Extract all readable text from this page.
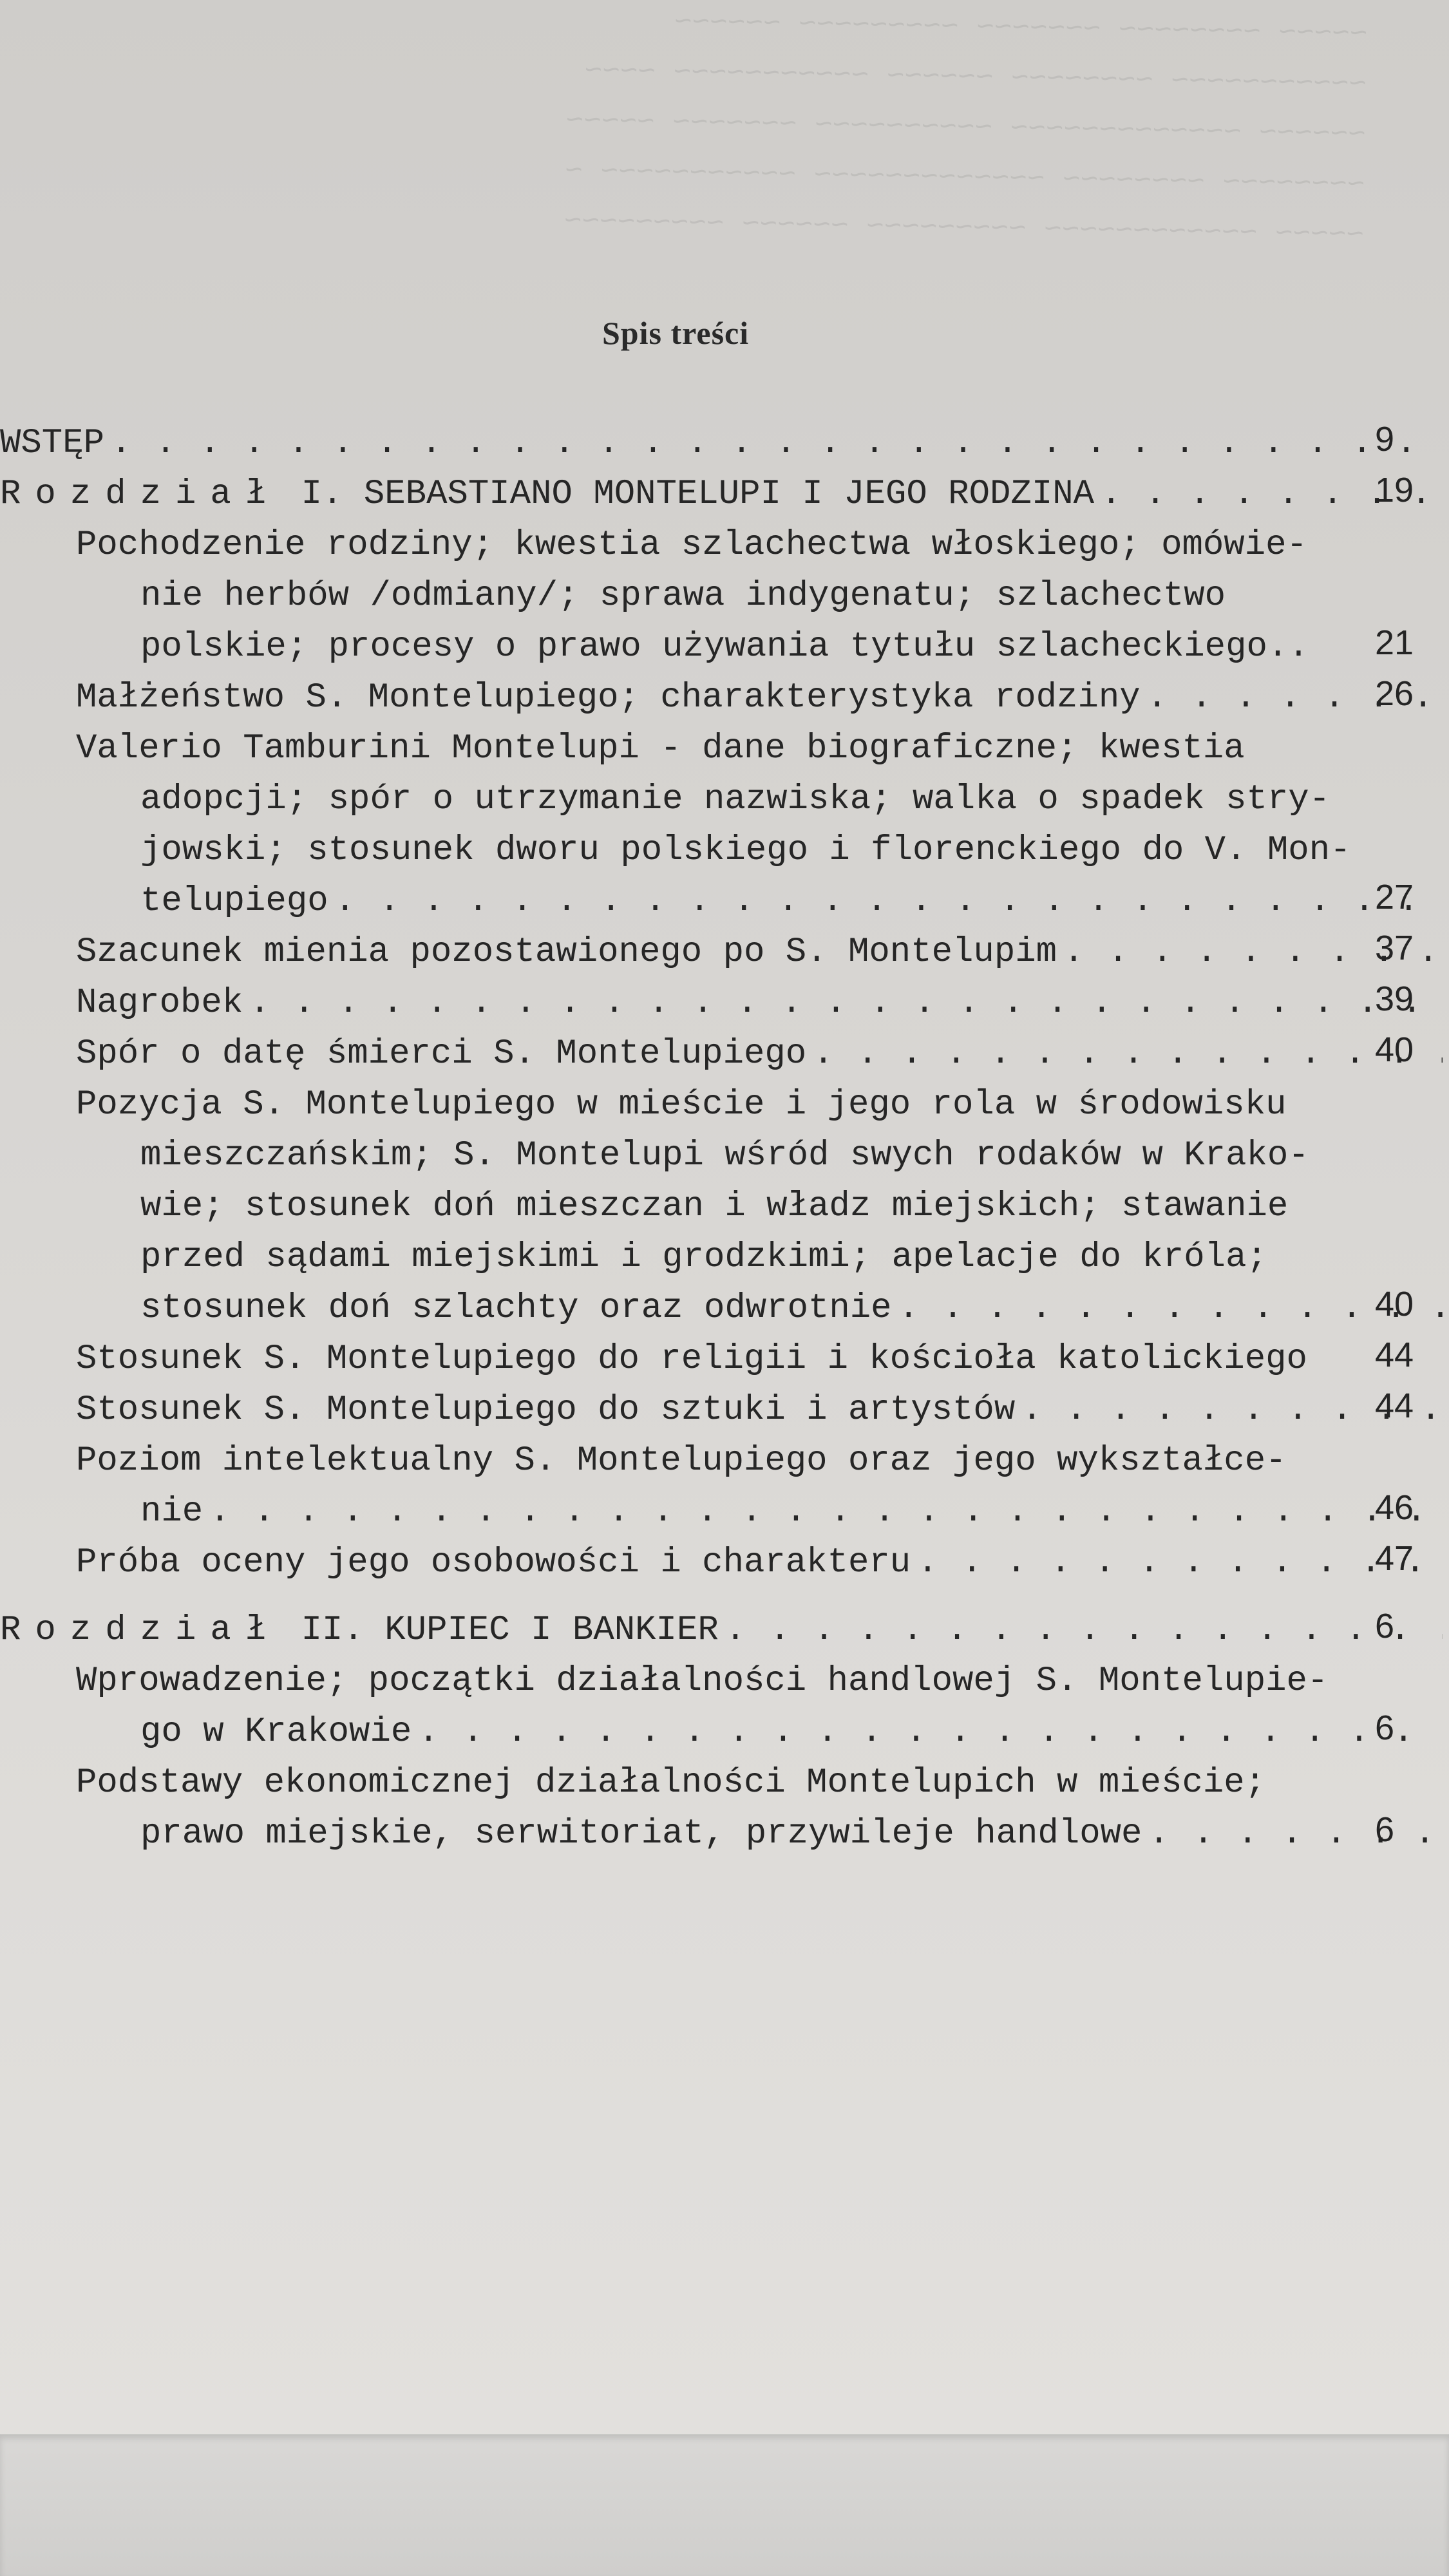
~~~~~ ~~~~~~~~ ~~~~~~~ ~~~~~~~~~ ~~~~~~
~~~~~~~~~~~ ~~~~~~~~ ~~~~~~ ~~~~~~~~~~~ ~~~~
~~~~~~ ~~~~~~~~~~~~~ ~~~~~~~~~~ ~~~~~~~ ~~~~~
~~~~~~~~ ~~~~~~~~ ~~~~~~~~~~~~~ ~~~~~~~~~~~ ~
~~~~~ ~~~~~~~~~~~~ ~~~~~~~~~ ~~~~~~ ~~~~~~~~~
Spis treści
WSTĘP . . .	9
Rozdział I. SEBASTIANO MONTELUPI I JEGO RODZINA . . .	19
Pochodzenie rodziny; kwestia szlachectwa włoskiego; omówie-
nie herbów /odmiany/; sprawa indygenatu; szlachectwo
polskie; procesy o prawo używania tytułu szlacheckiego.. 21
Małżeństwo S. Montelupiego; charakterystyka rodziny . . .	26
Valerio Tamburini Montelupi - dane biograficzne; kwestia
adopcji; spór o utrzymanie nazwiska; walka o spadek stry-
jowski; stosunek dworu polskiego i florenckiego do V. Mon-
telupiego . . .	27
Szacunek mienia pozostawionego po S. Montelupim . . .	37
Nagrobek . . .	39
Spór o datę śmierci S. Montelupiego . . .	40
Pozycja S. Montelupiego w mieście i jego rola w środowisku
mieszczańskim; S. Montelupi wśród swych rodaków w Krako-
wie; stosunek doń mieszczan i władz miejskich; stawanie
przed sądami miejskimi i grodzkimi; apelacje do króla;
stosunek doń szlachty oraz odwrotnie . . .	40
Stosunek S. Montelupiego do religii i kościoła katolickiego 44
Stosunek S. Montelupiego do sztuki i artystów . . .	44
Poziom intelektualny S. Montelupiego oraz jego wykształce-
nie . . .	46
Próba oceny jego osobowości i charakteru . . .	47
Rozdział II. KUPIEC I BANKIER . . .	6
Wprowadzenie; początki działalności handlowej S. Montelupie-
go w Krakowie . . .	6
Podstawy ekonomicznej działalności Montelupich w mieście;
prawo miejskie, serwitoriat, przywileje handlowe . . .	6
